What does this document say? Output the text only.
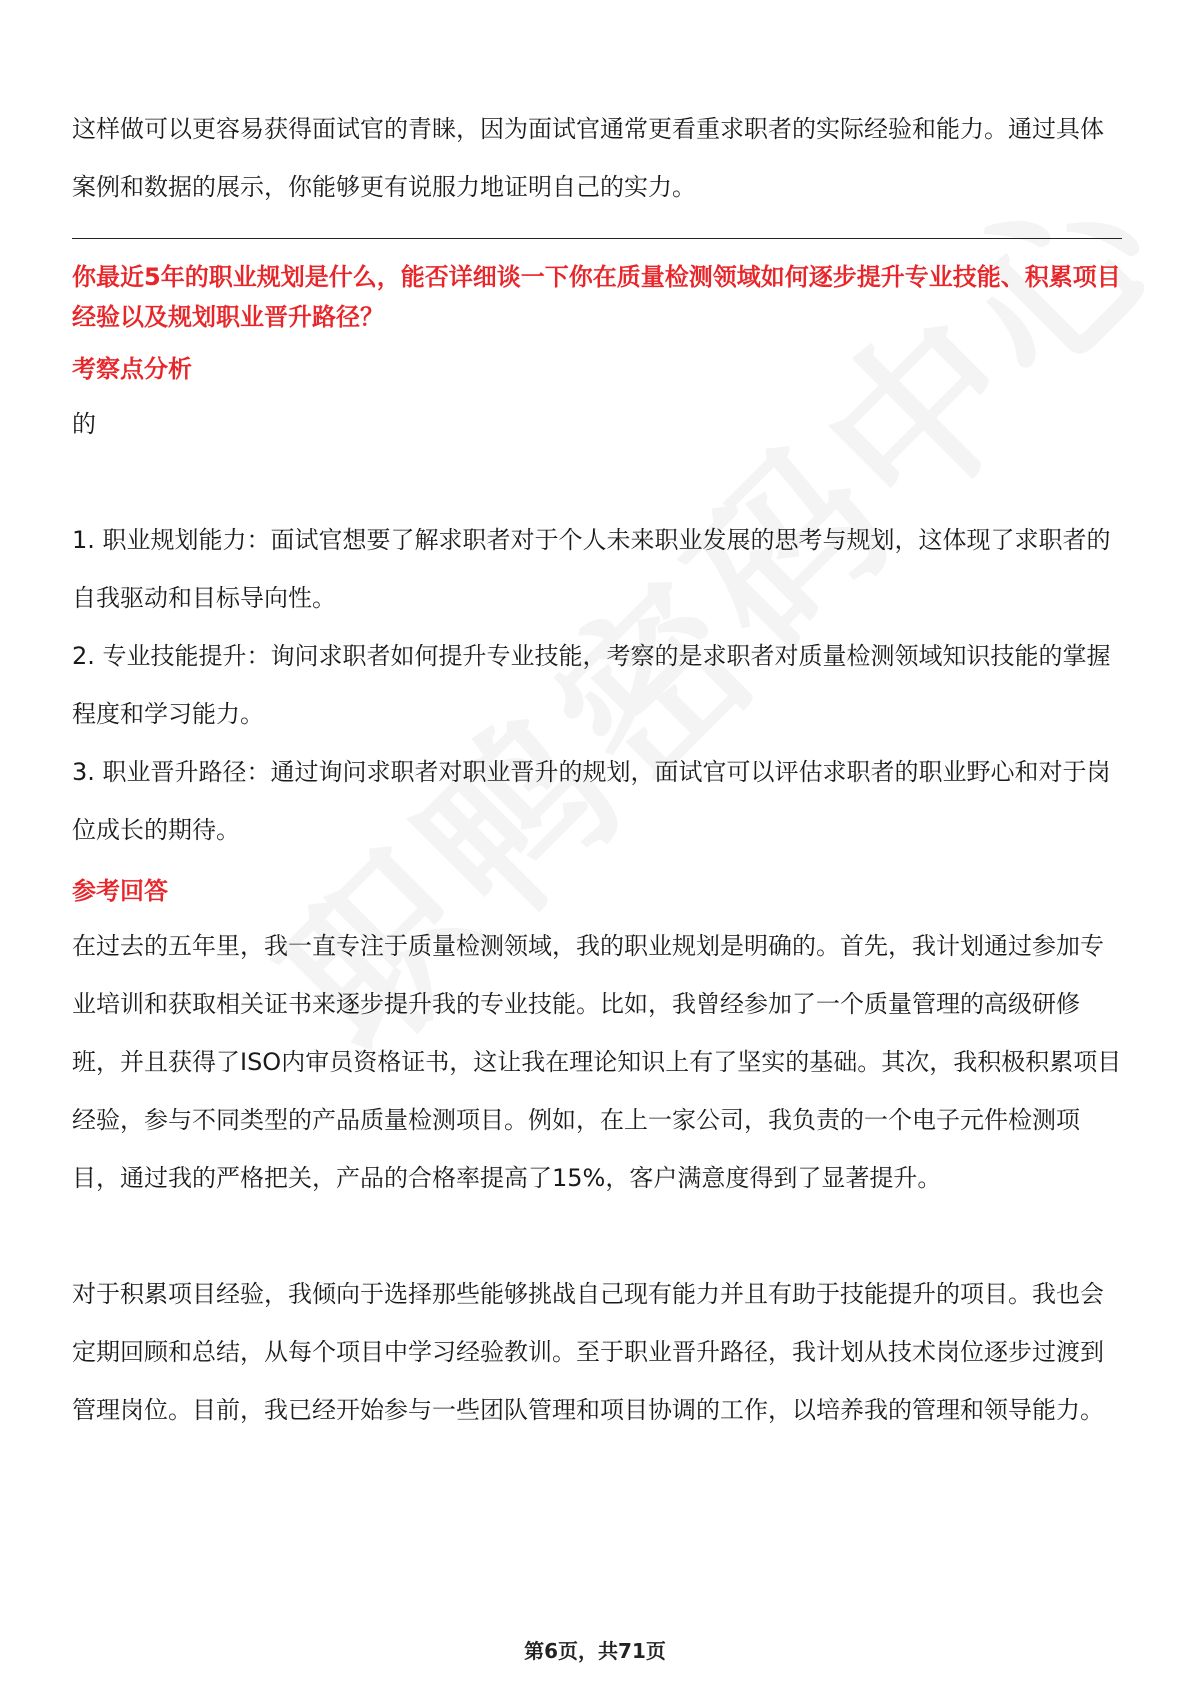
这样做可以更容易获得面试官的青睐，因为面试官通常更看重求职者的实际经验和能力。通过具体案例和数据的展示，你能够更有说服力地证明自己的实力。

你最近5年的职业规划是什么，能否详细谈一下你在质量检测领域如何逐步提升专业技能、积累项目经验以及规划职业晋升路径？

考察点分析

的

1. 职业规划能力：面试官想要了解求职者对于个人未来职业发展的思考与规划，这体现了求职者的自我驱动和目标导向性。

2. 专业技能提升：询问求职者如何提升专业技能，考察的是求职者对质量检测领域知识技能的掌握程度和学习能力。

3. 职业晋升路径：通过询问求职者对职业晋升的规划，面试官可以评估求职者的职业野心和对于岗位成长的期待。

参考回答

在过去的五年里，我一直专注于质量检测领域，我的职业规划是明确的。首先，我计划通过参加专业培训和获取相关证书来逐步提升我的专业技能。比如，我曾经参加了一个质量管理的高级研修班，并且获得了ISO内审员资格证书，这让我在理论知识上有了坚实的基础。其次，我积极积累项目经验，参与不同类型的产品质量检测项目。例如，在上一家公司，我负责的一个电子元件检测项目，通过我的严格把关，产品的合格率提高了15%，客户满意度得到了显著提升。

对于积累项目经验，我倾向于选择那些能够挑战自己现有能力并且有助于技能提升的项目。我也会定期回顾和总结，从每个项目中学习经验教训。至于职业晋升路径，我计划从技术岗位逐步过渡到管理岗位。目前，我已经开始参与一些团队管理和项目协调的工作，以培养我的管理和领导能力。

第6页，共71页
